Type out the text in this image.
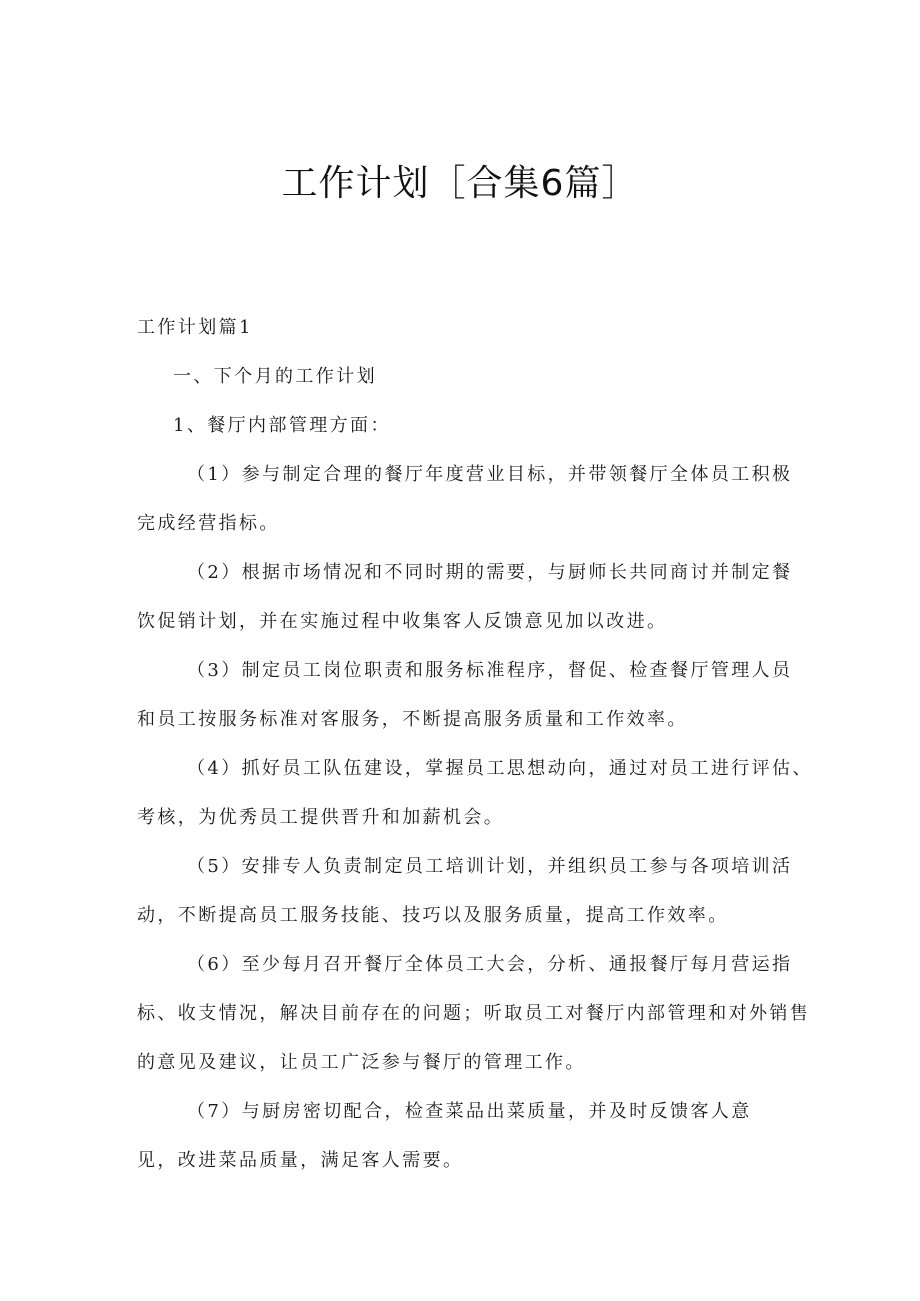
工作计划［合集6篇］

工作计划篇1

一、下个月的工作计划

1、餐厅内部管理方面：

（1）参与制定合理的餐厅年度营业目标，并带领餐厅全体员工积极

完成经营指标。

（2）根据市场情况和不同时期的需要，与厨师长共同商讨并制定餐

饮促销计划，并在实施过程中收集客人反馈意见加以改进。

（3）制定员工岗位职责和服务标准程序，督促、检查餐厅管理人员

和员工按服务标准对客服务，不断提高服务质量和工作效率。

（4）抓好员工队伍建设，掌握员工思想动向，通过对员工进行评估、

考核，为优秀员工提供晋升和加薪机会。

（5）安排专人负责制定员工培训计划，并组织员工参与各项培训活

动，不断提高员工服务技能、技巧以及服务质量，提高工作效率。

（6）至少每月召开餐厅全体员工大会，分析、通报餐厅每月营运指

标、收支情况，解决目前存在的问题；听取员工对餐厅内部管理和对外销售

的意见及建议，让员工广泛参与餐厅的管理工作。

（7）与厨房密切配合，检查菜品出菜质量，并及时反馈客人意

见，改进菜品质量，满足客人需要。
